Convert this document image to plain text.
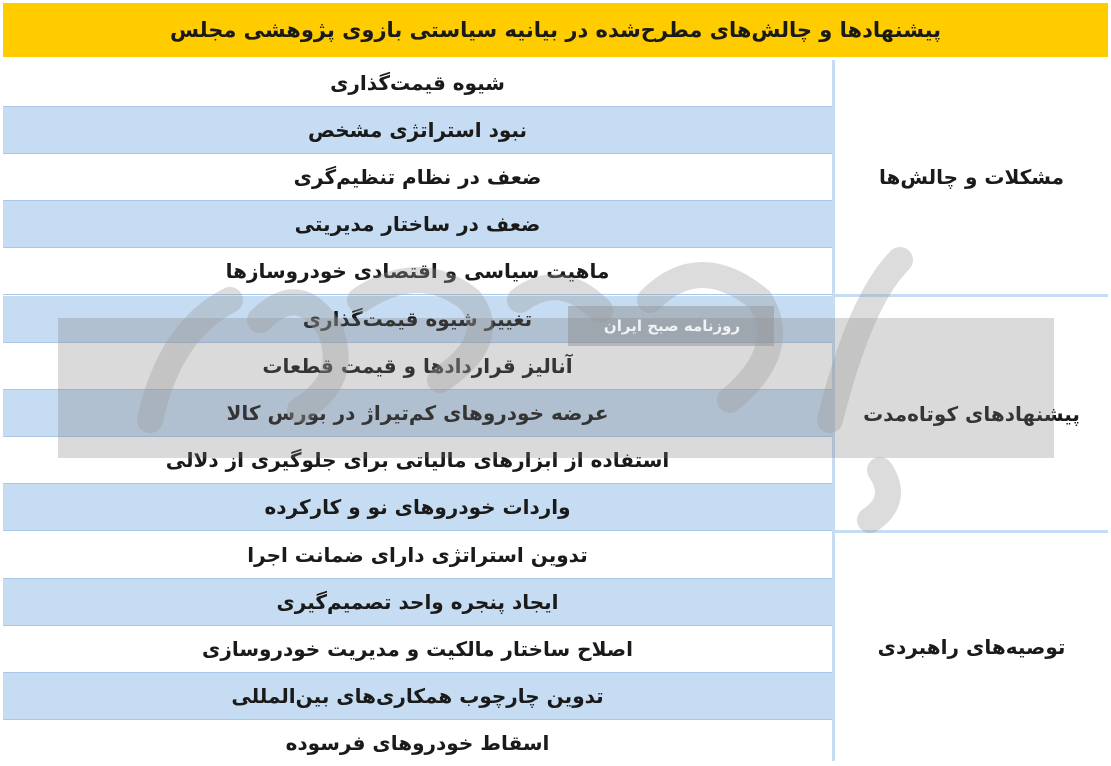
پیشنهادها و چالش‌های مطرح‌شده در بیانیه سیاستی بازوی پژوهشی مجلس
شیوه قیمت‌گذاری
نبود استراتژی مشخص
ضعف در نظام تنظیم‌گری
ضعف در ساختار مدیریتی
ماهیت سیاسی و اقتصادی خودروسازها
تغییر شیوه قیمت‌گذاری
آنالیز قراردادها و قیمت قطعات
عرضه خودروهای کم‌تیراژ در بورس کالا
استفاده از ابزارهای مالیاتی برای جلوگیری از دلالی
واردات خودروهای نو و کارکرده
تدوین استراتژی دارای ضمانت اجرا
ایجاد پنجره واحد تصمیم‌گیری
اصلاح ساختار مالکیت و مدیریت خودروسازی
تدوین چارچوب همکاری‌های بین‌المللی
اسقاط خودروهای فرسوده
مشکلات و چالش‌ها
پیشنهادهای کوتاه‌مدت
توصیه‌های راهبردی
روزنامه صبح ایران
